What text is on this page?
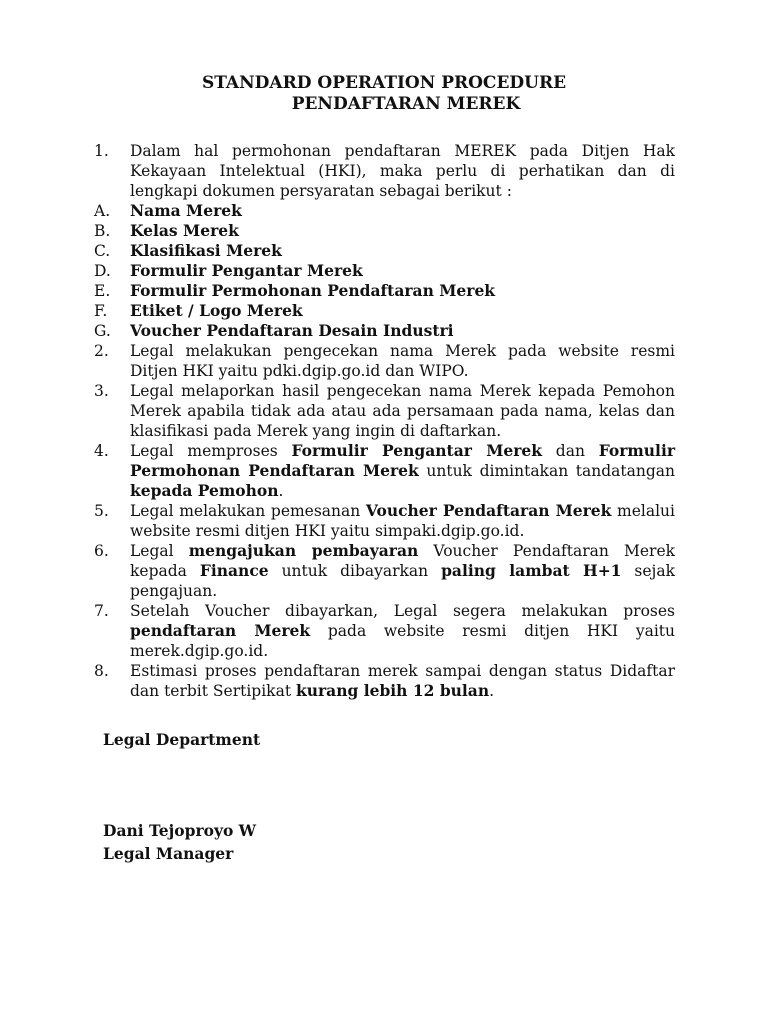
STANDARD OPERATION PROCEDURE

PENDAFTARAN MEREK
1. Dalam hal permohonan pendaftaran MEREK pada Ditjen Hak Kekayaan Intelektual (HKI), maka perlu di perhatikan dan di lengkapi dokumen persyaratan sebagai berikut :
A. Nama Merek
B. Kelas Merek
C. Klasifikasi Merek
D. Formulir Pengantar Merek
E. Formulir Permohonan Pendaftaran Merek
F. Etiket / Logo Merek
G. Voucher Pendaftaran Desain Industri
2. Legal melakukan pengecekan nama Merek pada website resmi Ditjen HKI yaitu pdki.dgip.go.id dan WIPO.
3. Legal melaporkan hasil pengecekan nama Merek kepada Pemohon Merek apabila tidak ada atau ada persamaan pada nama, kelas dan klasifikasi pada Merek yang ingin di daftarkan.
4. Legal memproses Formulir Pengantar Merek dan Formulir Permohonan Pendaftaran Merek untuk dimintakan tandatangan kepada Pemohon.
5. Legal melakukan pemesanan Voucher Pendaftaran Merek melalui website resmi ditjen HKI yaitu simpaki.dgip.go.id.
6. Legal mengajukan pembayaran Voucher Pendaftaran Merek kepada Finance untuk dibayarkan paling lambat H+1 sejak pengajuan.
7. Setelah Voucher dibayarkan, Legal segera melakukan proses pendaftaran Merek pada website resmi ditjen HKI yaitu merek.dgip.go.id.
8. Estimasi proses pendaftaran merek sampai dengan status Didaftar dan terbit Sertipikat kurang lebih 12 bulan.
Legal Department
Dani Tejoproyo W
Legal Manager
